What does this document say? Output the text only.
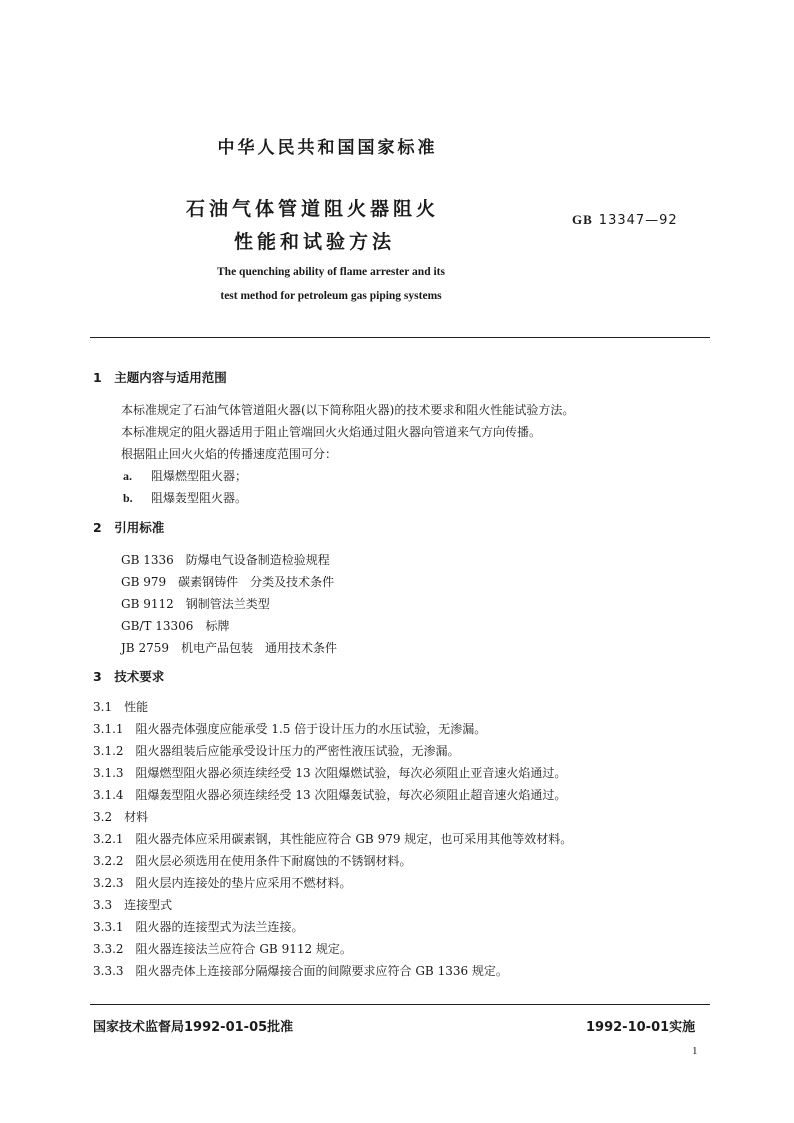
中华人民共和国国家标准
石油气体管道阻火器阻火
性能和试验方法
GB 13347—92
The quenching ability of flame arrester and its
test method for petroleum gas piping systems
1　主题内容与适用范围
本标准规定了石油气体管道阻火器(以下简称阻火器)的技术要求和阻火性能试验方法。
本标准规定的阻火器适用于阻止管端回火火焰通过阻火器向管道来气方向传播。
根据阻止回火火焰的传播速度范围可分：
a. 阻爆燃型阻火器；
b. 阻爆轰型阻火器。
2　引用标准
GB 1336　防爆电气设备制造检验规程
GB 979　碳素钢铸件　分类及技术条件
GB 9112　钢制管法兰类型
GB/T 13306　标牌
JB 2759　机电产品包装　通用技术条件
3　技术要求
3.1　性能
3.1.1　阻火器壳体强度应能承受 1.5 倍于设计压力的水压试验，无渗漏。
3.1.2　阻火器组装后应能承受设计压力的严密性液压试验，无渗漏。
3.1.3　阻爆燃型阻火器必须连续经受 13 次阻爆燃试验，每次必须阻止亚音速火焰通过。
3.1.4　阻爆轰型阻火器必须连续经受 13 次阻爆轰试验，每次必须阻止超音速火焰通过。
3.2　材料
3.2.1　阻火器壳体应采用碳素钢，其性能应符合 GB 979 规定，也可采用其他等效材料。
3.2.2　阻火层必须选用在使用条件下耐腐蚀的不锈钢材料。
3.2.3　阻火层内连接处的垫片应采用不燃材料。
3.3　连接型式
3.3.1　阻火器的连接型式为法兰连接。
3.3.2　阻火器连接法兰应符合 GB 9112 规定。
3.3.3　阻火器壳体上连接部分隔爆接合面的间隙要求应符合 GB 1336 规定。
国家技术监督局1992-01-05批准	1992-10-01实施
1
